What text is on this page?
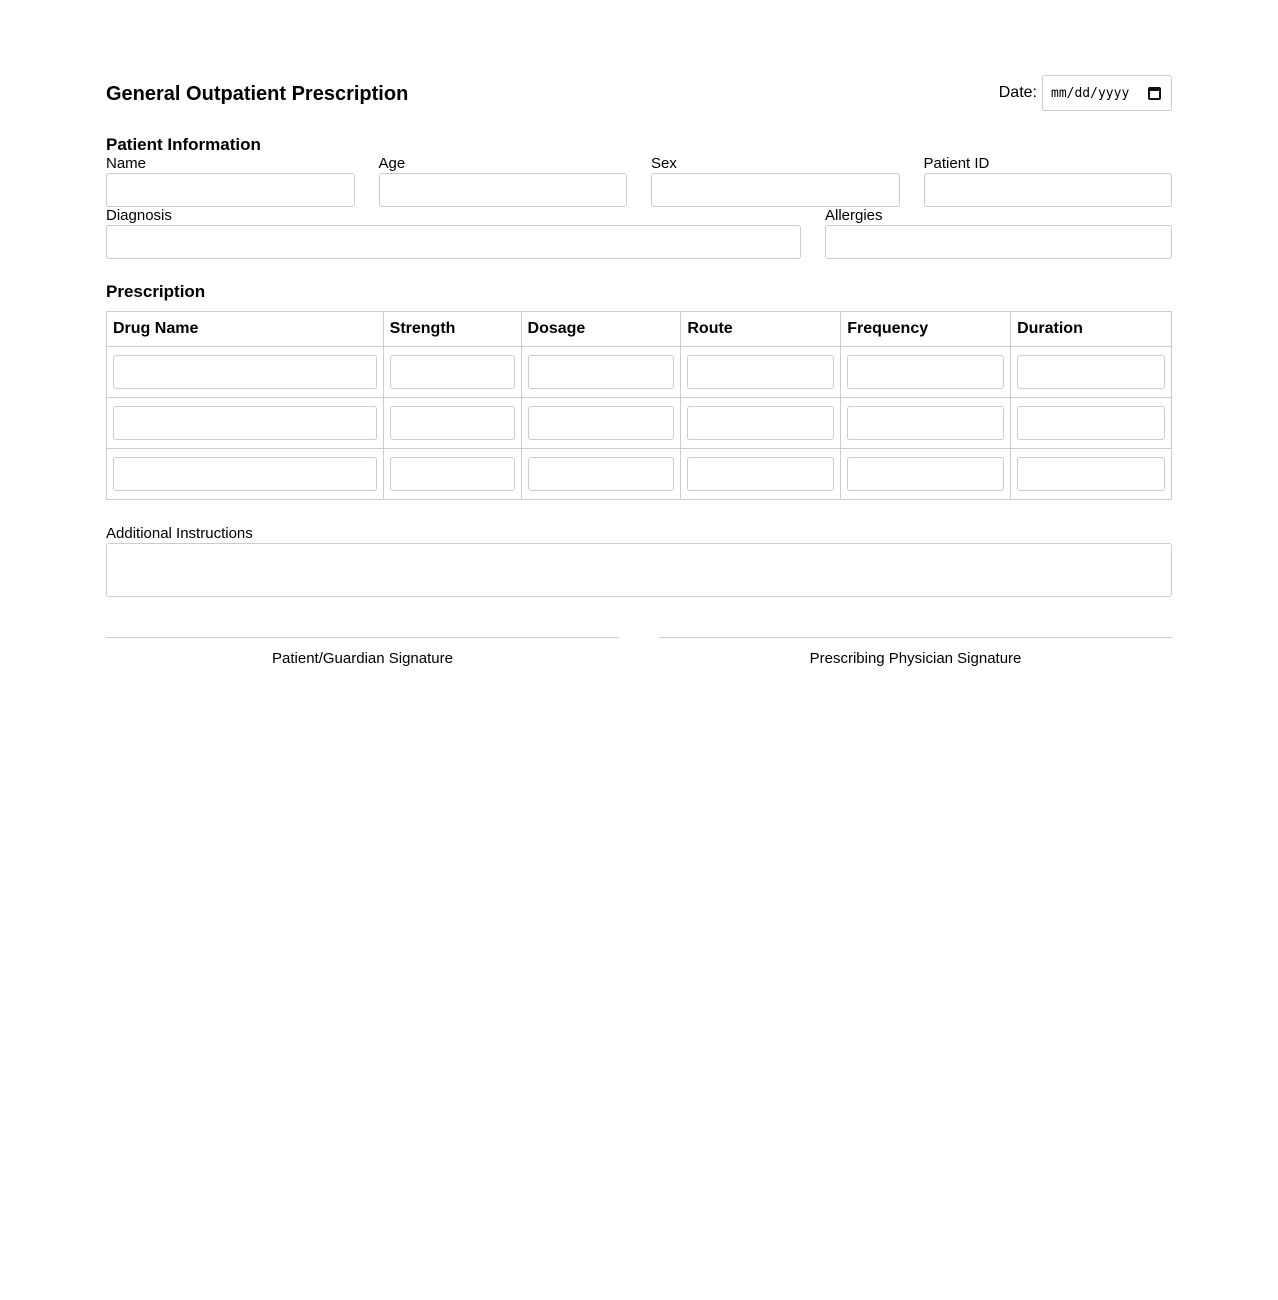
General Outpatient Prescription	Date: mm/dd/yyyy
Patient Information
Name	Age	Sex	Patient ID
Diagnosis	Allergies
Prescription
Drug Name	Strength	Dosage	Route	Frequency	Duration

Additional Instructions
Patient/Guardian Signature	Prescribing Physician Signature
